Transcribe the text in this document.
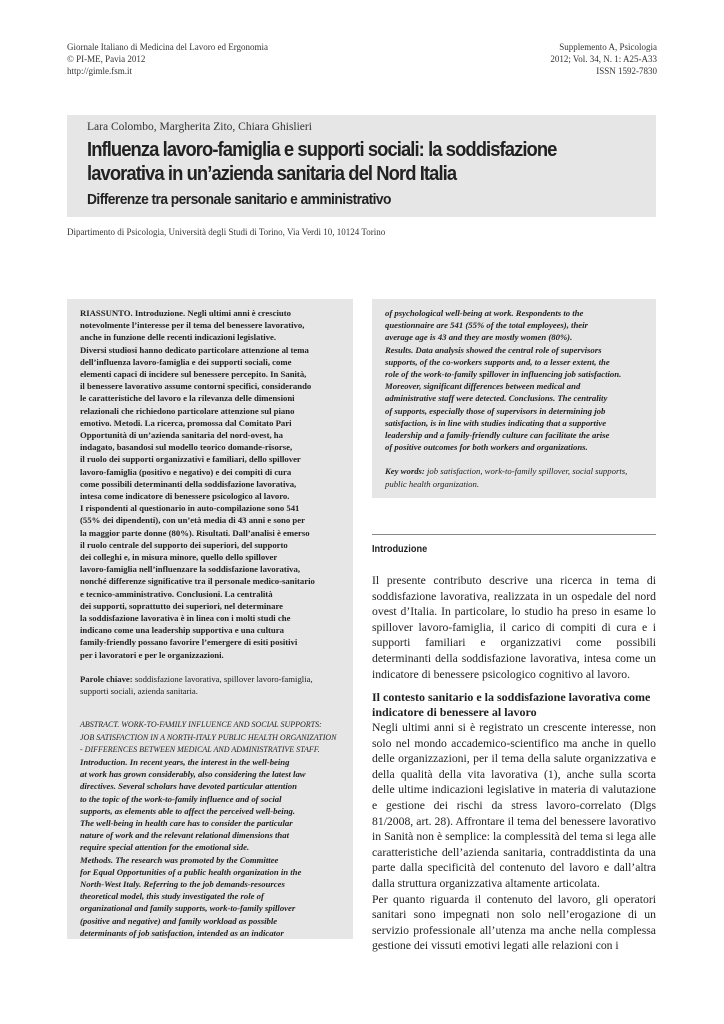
Giornale Italiano di Medicina del Lavoro ed Ergonomia
© PI-ME, Pavia 2012
http://gimle.fsm.it
Supplemento A, Psicologia
2012; Vol. 34, N. 1: A25-A33
ISSN 1592-7830
Lara Colombo, Margherita Zito, Chiara Ghislieri
Influenza lavoro-famiglia e supporti sociali: la soddisfazione
lavorativa in un’azienda sanitaria del Nord Italia
Differenze tra personale sanitario e amministrativo
Dipartimento di Psicologia, Università degli Studi di Torino, Via Verdi 10, 10124 Torino

RIASSUNTO. Introduzione. Negli ultimi anni è cresciuto
notevolmente l’interesse per il tema del benessere lavorativo,
anche in funzione delle recenti indicazioni legislative.
Diversi studiosi hanno dedicato particolare attenzione al tema
dell’influenza lavoro-famiglia e dei supporti sociali, come
elementi capaci di incidere sul benessere percepito. In Sanità,
il benessere lavorativo assume contorni specifici, considerando
le caratteristiche del lavoro e la rilevanza delle dimensioni
relazionali che richiedono particolare attenzione sul piano
emotivo. Metodi. La ricerca, promossa dal Comitato Pari
Opportunità di un’azienda sanitaria del nord-ovest, ha
indagato, basandosi sul modello teorico domande-risorse,
il ruolo dei supporti organizzativi e familiari, dello spillover
lavoro-famiglia (positivo e negativo) e dei compiti di cura
come possibili determinanti della soddisfazione lavorativa,
intesa come indicatore di benessere psicologico al lavoro.
I rispondenti al questionario in auto-compilazione sono 541
(55% dei dipendenti), con un’età media di 43 anni e sono per
la maggior parte donne (80%). Risultati. Dall’analisi è emerso
il ruolo centrale del supporto dei superiori, del supporto
dei colleghi e, in misura minore, quello dello spillover
lavoro-famiglia nell’influenzare la soddisfazione lavorativa,
nonché differenze significative tra il personale medico-sanitario
e tecnico-amministrativo. Conclusioni. La centralità
dei supporti, soprattutto dei superiori, nel determinare
la soddisfazione lavorativa è in linea con i molti studi che
indicano come una leadership supportiva e una cultura
family-friendly possano favorire l’emergere di esiti positivi
per i lavoratori e per le organizzazioni.

Parole chiave: soddisfazione lavorativa, spillover lavoro-famiglia,
supporti sociali, azienda sanitaria.

ABSTRACT. WORK-TO-FAMILY INFLUENCE AND SOCIAL SUPPORTS:
JOB SATISFACTION IN A NORTH-ITALY PUBLIC HEALTH ORGANIZATION
- DIFFERENCES BETWEEN MEDICAL AND ADMINISTRATIVE STAFF.

Introduction. In recent years, the interest in the well-being
at work has grown considerably, also considering the latest law
directives. Several scholars have devoted particular attention
to the topic of the work-to-family influence and of social
supports, as elements able to affect the perceived well-being.
The well-being in health care has to consider the particular
nature of work and the relevant relational dimensions that
require special attention for the emotional side.
Methods. The research was promoted by the Committee
for Equal Opportunities of a public health organization in the
North-West Italy. Referring to the job demands-resources
theoretical model, this study investigated the role of
organizational and family supports, work-to-family spillover
(positive and negative) and family workload as possible
determinants of job satisfaction, intended as an indicator

of psychological well-being at work. Respondents to the
questionnaire are 541 (55% of the total employees), their
average age is 43 and they are mostly women (80%).
Results. Data analysis showed the central role of supervisors
supports, of the co-workers supports and, to a lesser extent, the
role of the work-to-family spillover in influencing job satisfaction.
Moreover, significant differences between medical and
administrative staff were detected. Conclusions. The centrality
of supports, especially those of supervisors in determining job
satisfaction, is in line with studies indicating that a supportive
leadership and a family-friendly culture can facilitate the arise
of positive outcomes for both workers and organizations.

Key words: job satisfaction, work-to-family spillover, social supports,
public health organization.

Introduzione

Il presente contributo descrive una ricerca in tema di soddisfazione lavorativa, realizzata in un ospedale del nord ovest d’Italia. In particolare, lo studio ha preso in esame lo spillover lavoro-famiglia, il carico di compiti di cura e i supporti familiari e organizzativi come possibili determinanti della soddisfazione lavorativa, intesa come un indicatore di benessere psicologico cognitivo al lavoro.

Il contesto sanitario e la soddisfazione lavorativa come
indicatore di benessere al lavoro

Negli ultimi anni si è registrato un crescente interesse, non solo nel mondo accademico-scientifico ma anche in quello delle organizzazioni, per il tema della salute organizzativa e della qualità della vita lavorativa (1), anche sulla scorta delle ultime indicazioni legislative in materia di valutazione e gestione dei rischi da stress lavoro-correlato (Dlgs 81/2008, art. 28). Affrontare il tema del benessere lavorativo in Sanità non è semplice: la complessità del tema si lega alle caratteristiche dell’azienda sanitaria, contraddistinta da una parte dalla specificità del contenuto del lavoro e dall’altra dalla struttura organizzativa altamente articolata.
Per quanto riguarda il contenuto del lavoro, gli operatori sanitari sono impegnati non solo nell’erogazione di un servizio professionale all’utenza ma anche nella complessa gestione dei vissuti emotivi legati alle relazioni con i
